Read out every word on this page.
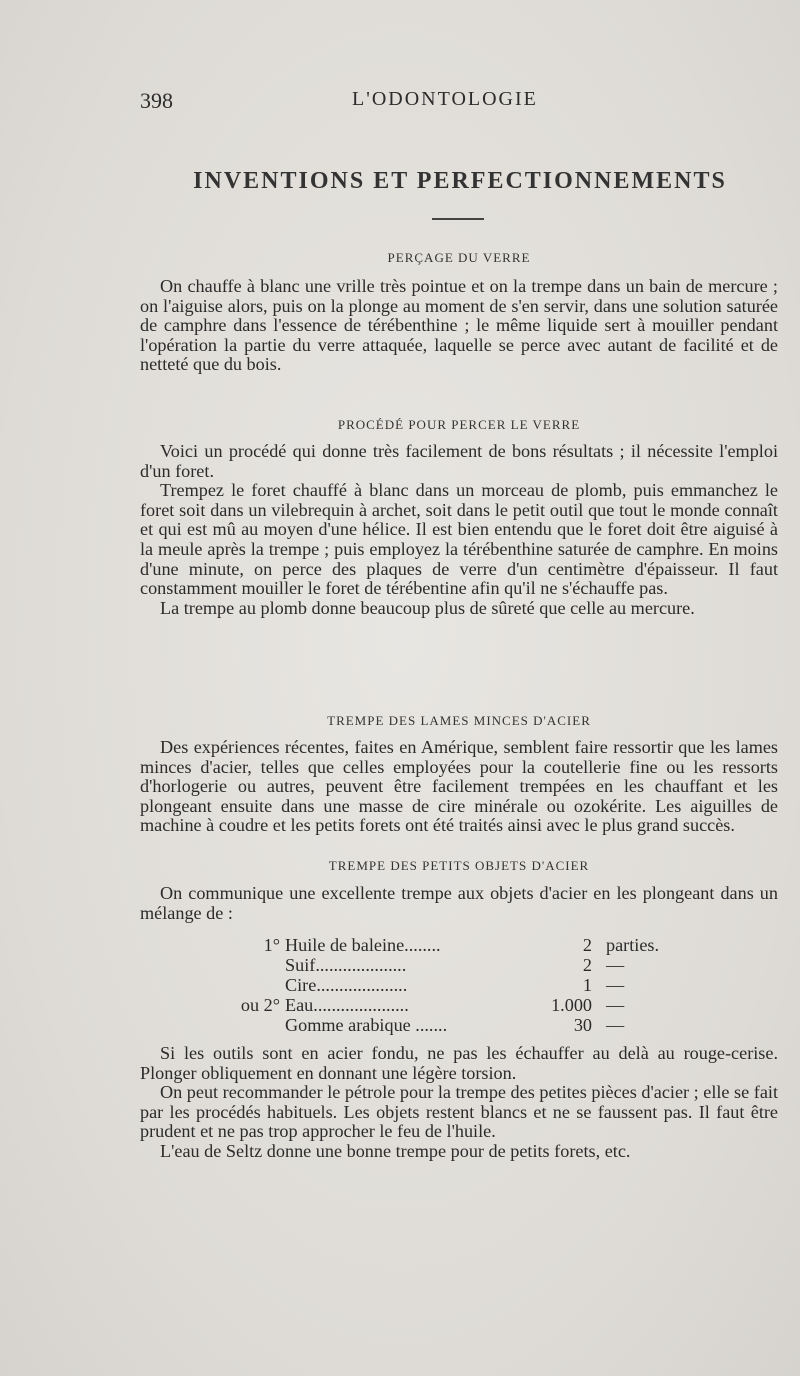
398	L'ODONTOLOGIE
INVENTIONS ET PERFECTIONNEMENTS
PERÇAGE DU VERRE

On chauffe à blanc une vrille très pointue et on la trempe dans un bain de mercure ; on l'aiguise alors, puis on la plonge au moment de s'en servir, dans une solution saturée de camphre dans l'essence de térébenthine ; le même liquide sert à mouiller pendant l'opération la partie du verre attaquée, laquelle se perce avec autant de facilité et de netteté que du bois.

PROCÉDÉ POUR PERCER LE VERRE

Voici un procédé qui donne très facilement de bons résultats ; il nécessite l'emploi d'un foret.

Trempez le foret chauffé à blanc dans un morceau de plomb, puis emmanchez le foret soit dans un vilebrequin à archet, soit dans le petit outil que tout le monde connaît et qui est mû au moyen d'une hélice. Il est bien entendu que le foret doit être aiguisé à la meule après la trempe ; puis employez la térébenthine saturée de camphre. En moins d'une minute, on perce des plaques de verre d'un centimètre d'épaisseur. Il faut constamment mouiller le foret de térébentine afin qu'il ne s'échauffe pas.

La trempe au plomb donne beaucoup plus de sûreté que celle au mercure.

TREMPE DES LAMES MINCES D'ACIER

Des expériences récentes, faites en Amérique, semblent faire ressortir que les lames minces d'acier, telles que celles employées pour la coutellerie fine ou les ressorts d'horlogerie ou autres, peuvent être facilement trempées en les chauffant et les plongeant ensuite dans une masse de cire minérale ou ozokérite. Les aiguilles de machine à coudre et les petits forets ont été traités ainsi avec le plus grand succès.

TREMPE DES PETITS OBJETS D'ACIER

On communique une excellente trempe aux objets d'acier en les plongeant dans un mélange de :

1° Huile de baleine........	2 parties.
Suif....................	2 —
Cire....................	1 —
ou 2° Eau.....................	1.000 —
Gomme arabique .......	30 —

Si les outils sont en acier fondu, ne pas les échauffer au delà au rouge-cerise. Plonger obliquement en donnant une légère torsion.

On peut recommander le pétrole pour la trempe des petites pièces d'acier ; elle se fait par les procédés habituels. Les objets restent blancs et ne se faussent pas. Il faut être prudent et ne pas trop approcher le feu de l'huile.

L'eau de Seltz donne une bonne trempe pour de petits forets, etc.
